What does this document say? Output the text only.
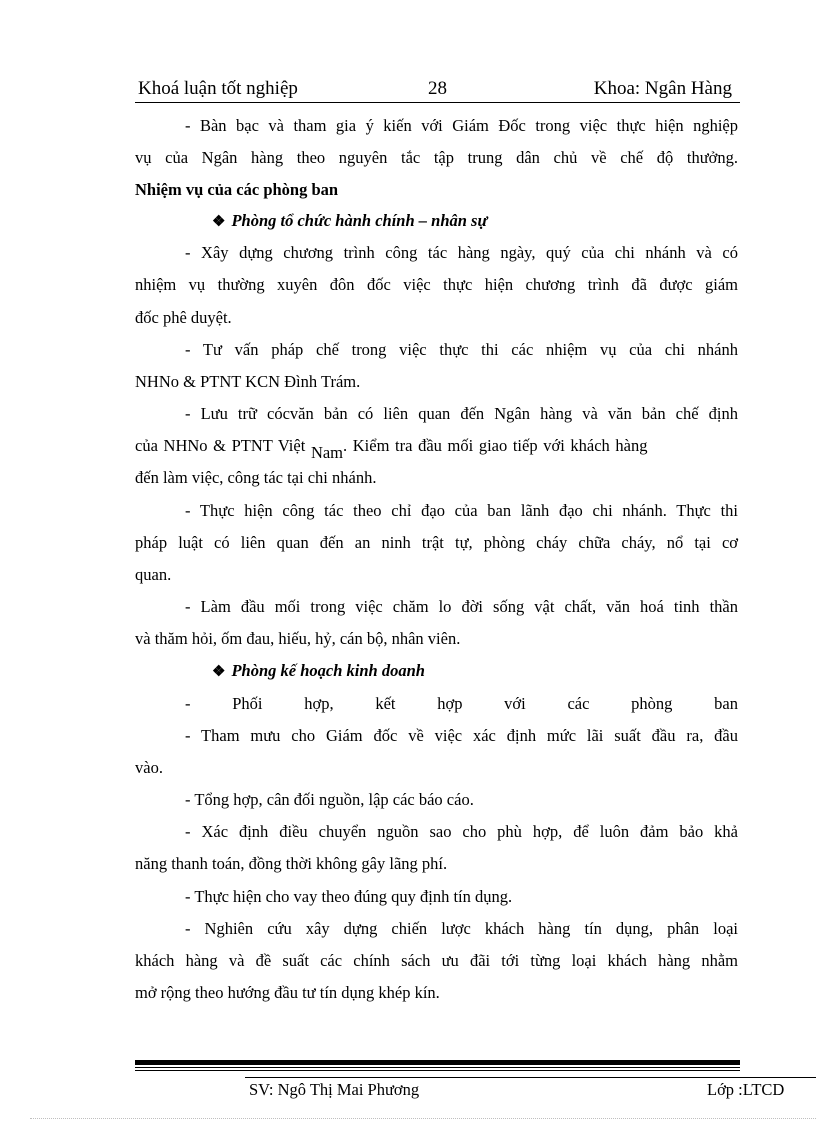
Khoá luận tốt nghiệp	28	Khoa: Ngân Hàng
- Bàn bạc và tham gia ý kiến với Giám Đốc trong việc thực hiện nghiệp
vụ của Ngân hàng theo nguyên tắc tập trung dân chủ về chế độ thưởng.
Nhiệm vụ của các phòng ban
❖ Phòng tổ chức hành chính – nhân sự
- Xây dựng chương trình công tác hàng ngày, quý của chi nhánh và có
nhiệm vụ thường xuyên đôn đốc việc thực hiện chương trình đã được giám
đốc phê duyệt.
- Tư vấn pháp chế trong việc thực thi các nhiệm vụ của chi nhánh
NHNo & PTNT KCN Đình Trám.
- Lưu trữ cócvăn bản có liên quan đến Ngân hàng và văn bản chế định
của NHNo & PTNT Việt Nam. Kiểm tra đầu mối giao tiếp với khách hàng
đến làm việc, công tác tại chi nhánh.
- Thực hiện công tác theo chỉ đạo của ban lãnh đạo chi nhánh. Thực thi
pháp luật có liên quan đến an ninh trật tự, phòng cháy chữa cháy, nổ tại cơ
quan.
- Làm đầu mối trong việc chăm lo đời sống vật chất, văn hoá tinh thần
và thăm hỏi, ốm đau, hiếu, hỷ, cán bộ, nhân viên.
❖ Phòng kế hoạch kinh doanh
- Phối hợp, kết hợp với các phòng ban
- Tham mưu cho Giám đốc về việc xác định mức lãi suất đầu ra, đầu
vào.
- Tổng hợp, cân đối nguồn, lập các báo cáo.
- Xác định điều chuyển nguồn sao cho phù hợp, để luôn đảm bảo khả
năng thanh toán, đồng thời không gây lãng phí.
- Thực hiện cho vay theo đúng quy định tín dụng.
- Nghiên cứu xây dựng chiến lược khách hàng tín dụng, phân loại
khách hàng và đề suất các chính sách ưu đãi tới từng loại khách hàng nhằm
mở rộng theo hướng đầu tư tín dụng khép kín.
SV: Ngô Thị Mai Phương	Lớp :LTCD
